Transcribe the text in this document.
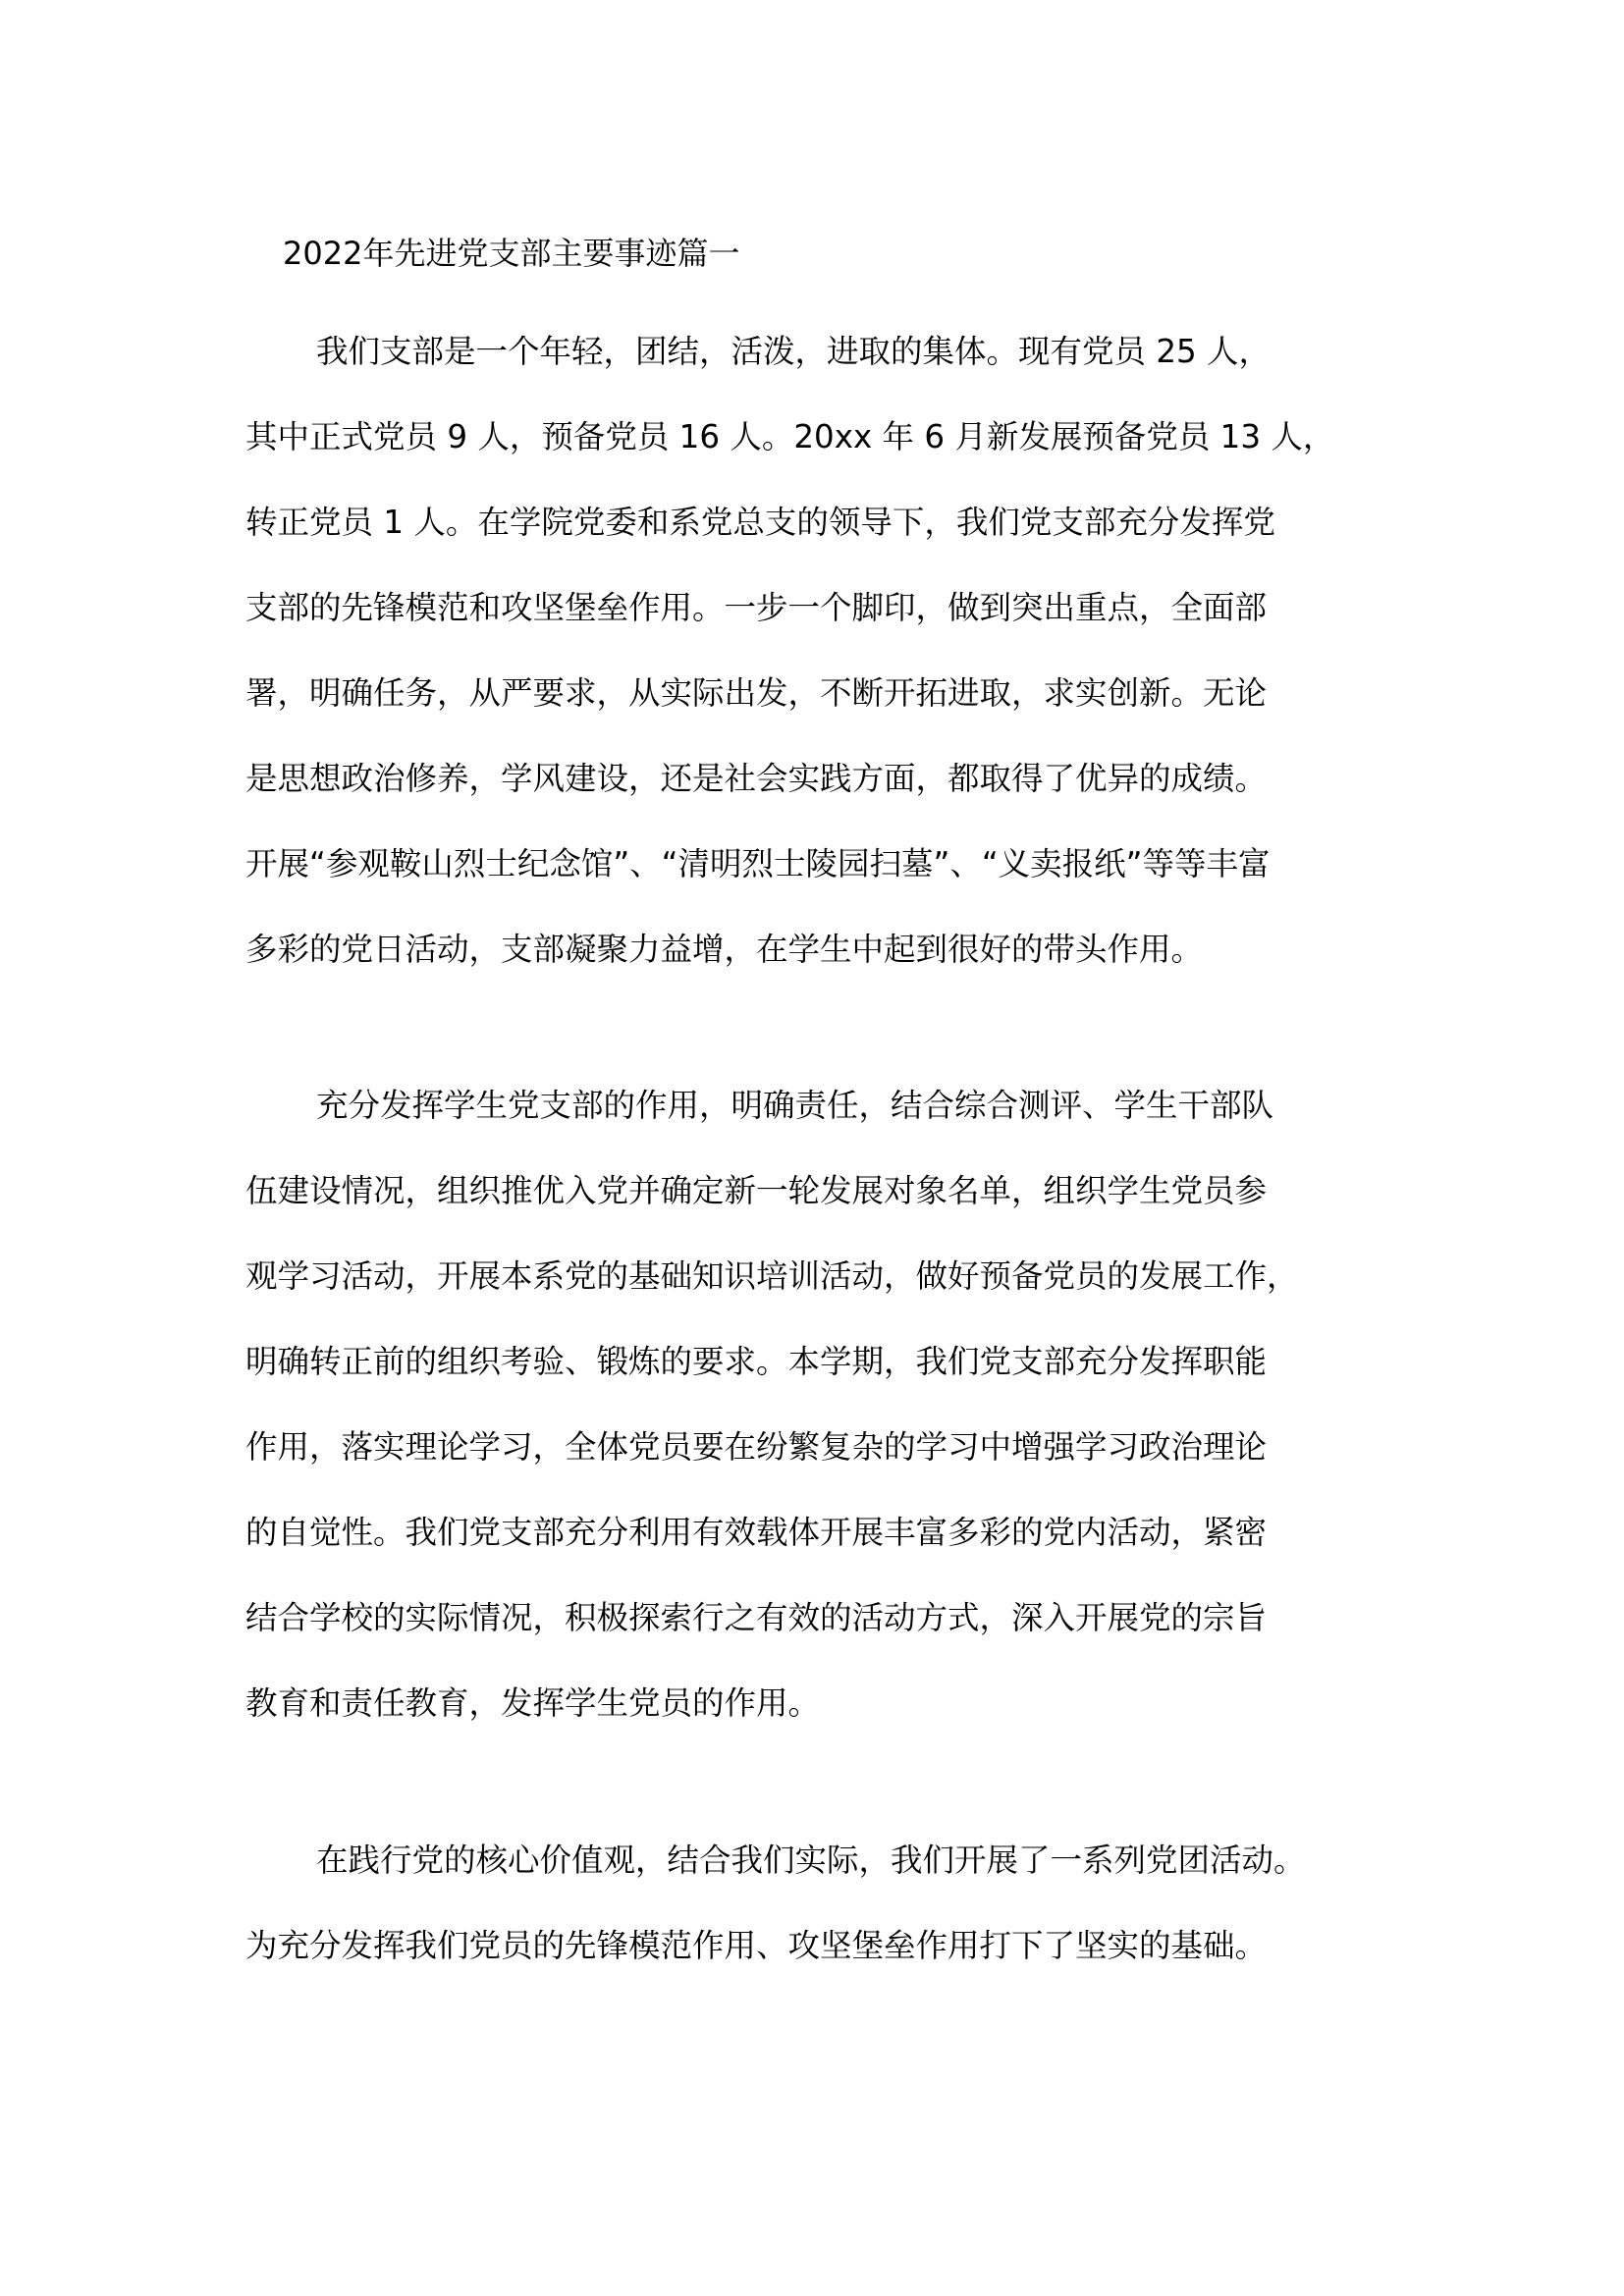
2022年先进党支部主要事迹篇一
我们支部是一个年轻，团结，活泼，进取的集体。现有党员 25 人，
其中正式党员 9 人，预备党员 16 人。20xx 年 6 月新发展预备党员 13 人，
转正党员 1 人。在学院党委和系党总支的领导下，我们党支部充分发挥党
支部的先锋模范和攻坚堡垒作用。一步一个脚印，做到突出重点，全面部
署，明确任务，从严要求，从实际出发，不断开拓进取，求实创新。无论
是思想政治修养，学风建设，还是社会实践方面，都取得了优异的成绩。
开展“参观鞍山烈士纪念馆”、“清明烈士陵园扫墓”、“义卖报纸”等等丰富
多彩的党日活动，支部凝聚力益增，在学生中起到很好的带头作用。
充分发挥学生党支部的作用，明确责任，结合综合测评、学生干部队
伍建设情况，组织推优入党并确定新一轮发展对象名单，组织学生党员参
观学习活动，开展本系党的基础知识培训活动，做好预备党员的发展工作，
明确转正前的组织考验、锻炼的要求。本学期，我们党支部充分发挥职能
作用，落实理论学习，全体党员要在纷繁复杂的学习中增强学习政治理论
的自觉性。我们党支部充分利用有效载体开展丰富多彩的党内活动，紧密
结合学校的实际情况，积极探索行之有效的活动方式，深入开展党的宗旨
教育和责任教育，发挥学生党员的作用。
在践行党的核心价值观，结合我们实际，我们开展了一系列党团活动。
为充分发挥我们党员的先锋模范作用、攻坚堡垒作用打下了坚实的基础。
